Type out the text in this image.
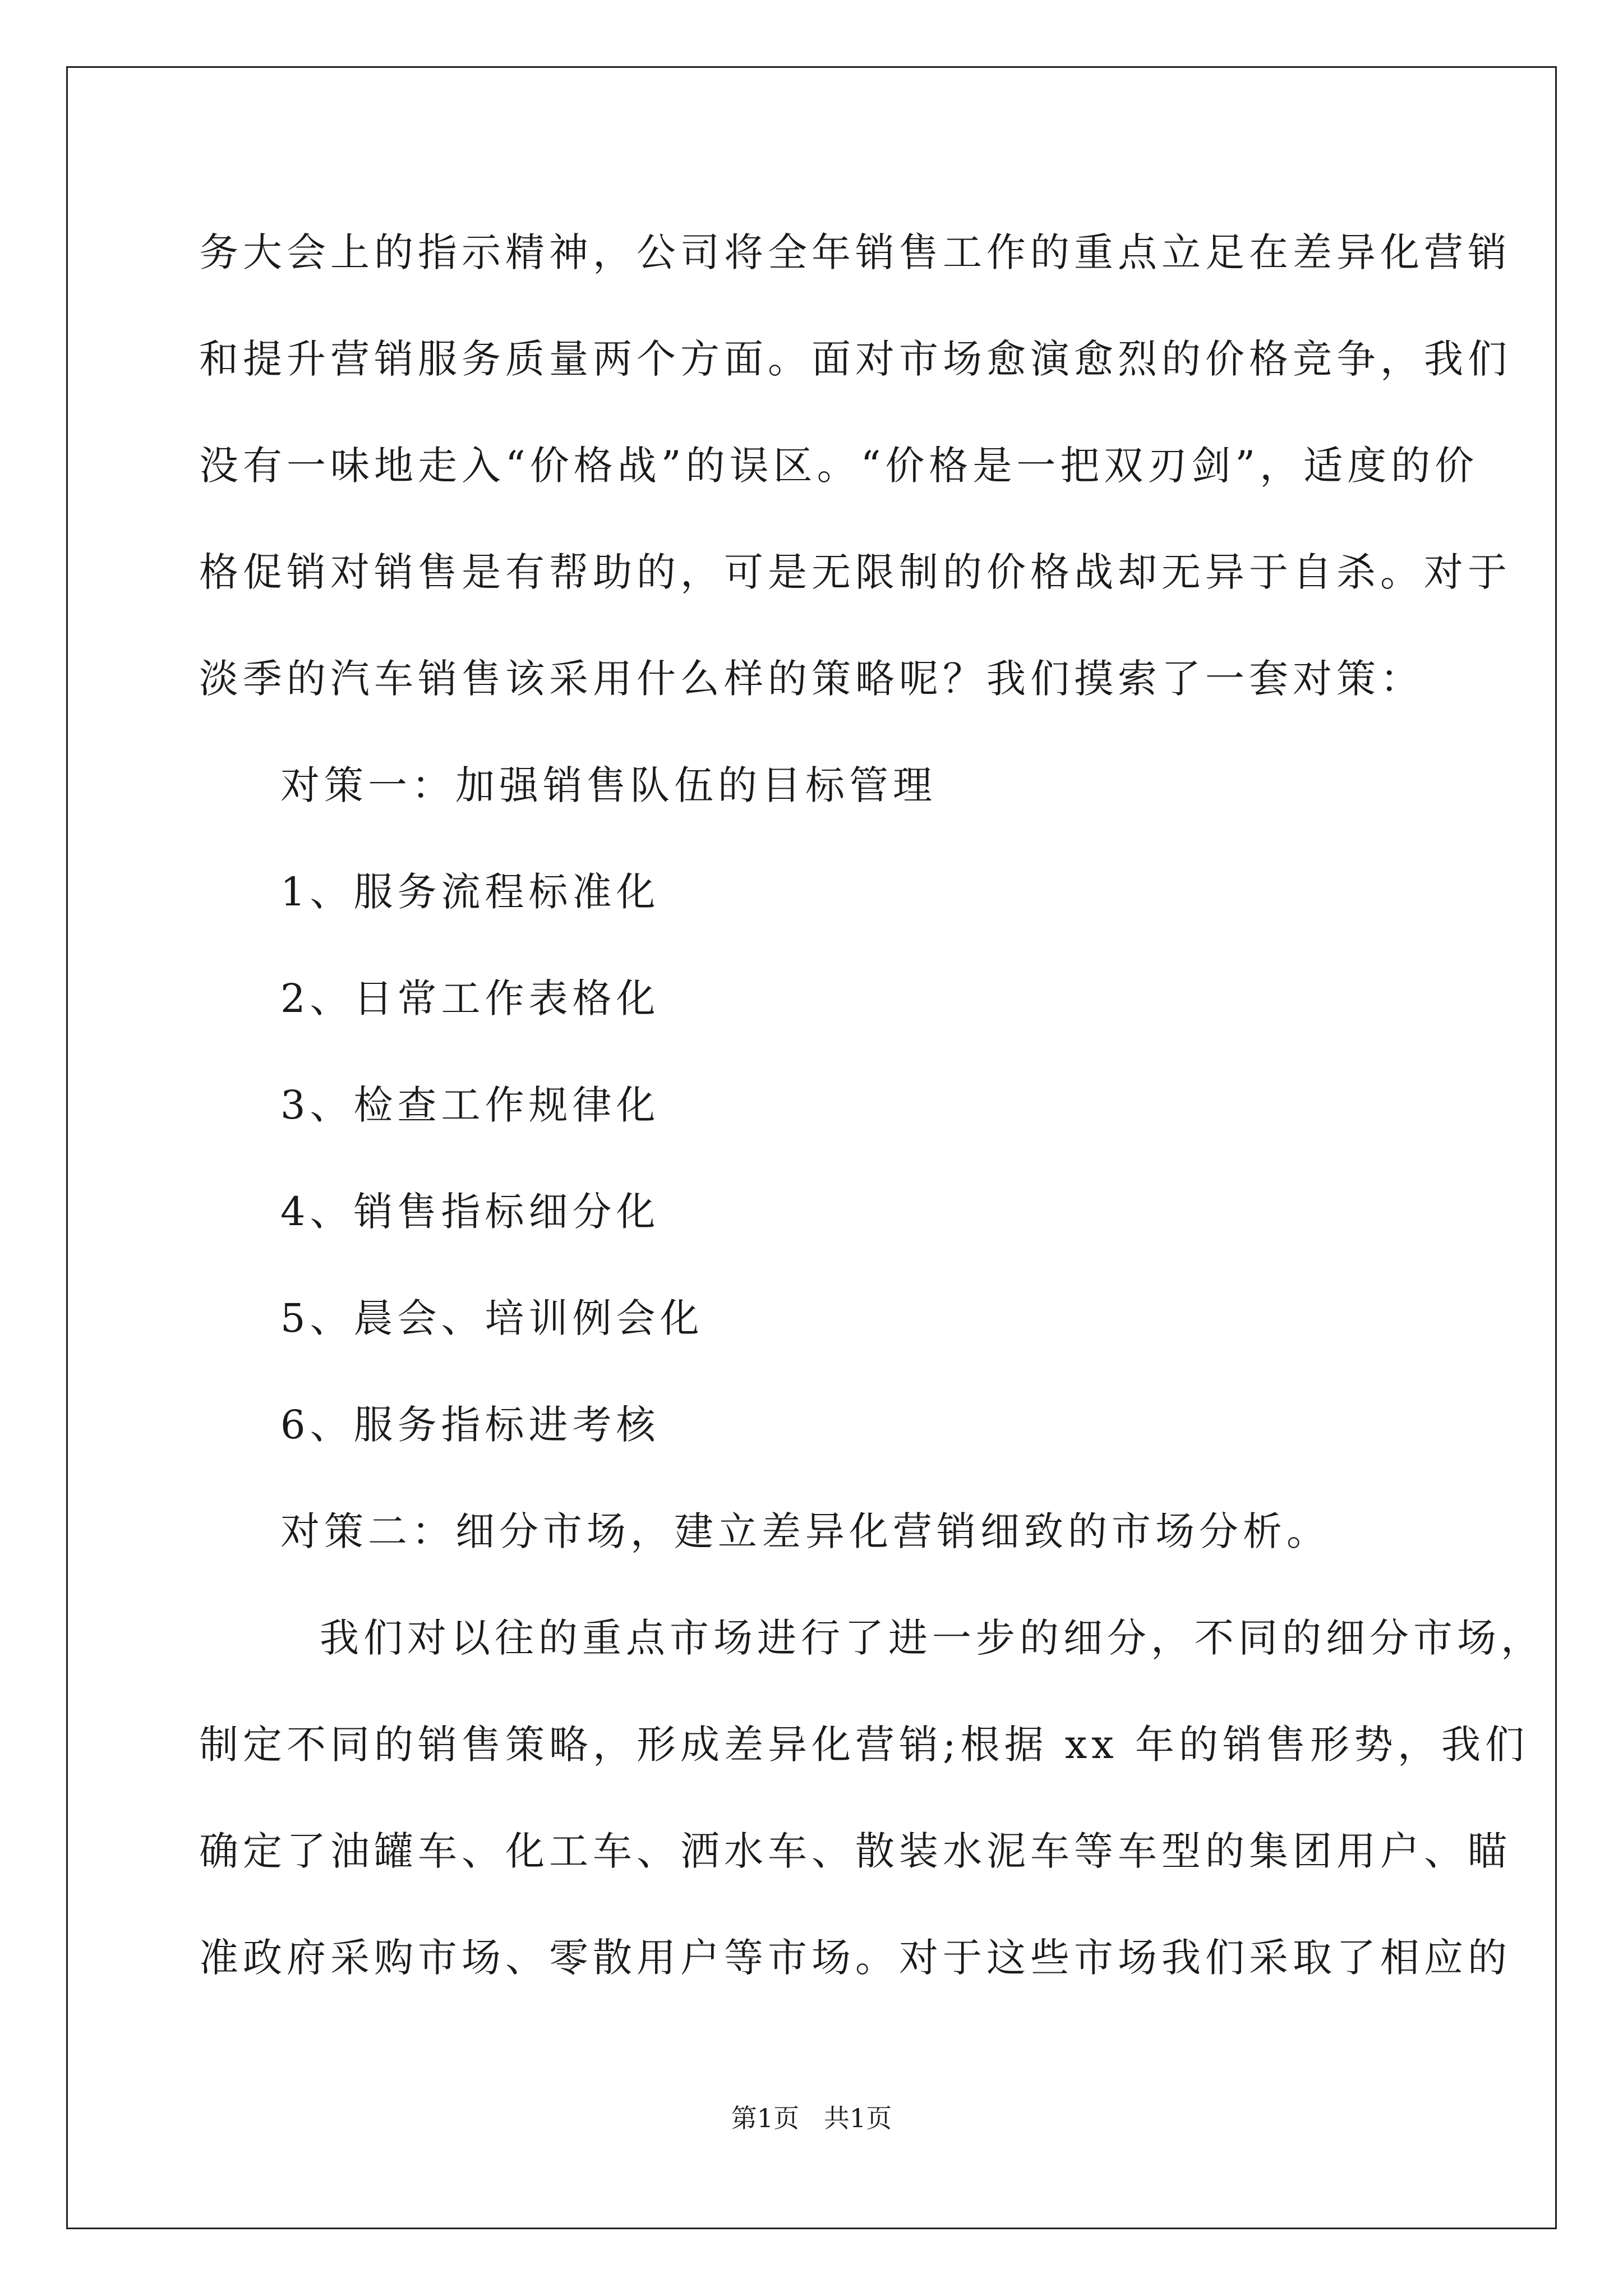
务大会上的指示精神，公司将全年销售工作的重点立足在差异化营销
和提升营销服务质量两个方面。面对市场愈演愈烈的价格竞争，我们
没有一味地走入“价格战”的误区。“价格是一把双刃剑”，适度的价
格促销对销售是有帮助的，可是无限制的价格战却无异于自杀。对于
淡季的汽车销售该采用什么样的策略呢？我们摸索了一套对策：
对策一：加强销售队伍的目标管理
1、服务流程标准化
2、日常工作表格化
3、检查工作规律化
4、销售指标细分化
5、晨会、培训例会化
6、服务指标进考核
对策二：细分市场，建立差异化营销细致的市场分析。
我们对以往的重点市场进行了进一步的细分，不同的细分市场，
制定不同的销售策略，形成差异化营销;根据 xx 年的销售形势，我们
确定了油罐车、化工车、洒水车、散装水泥车等车型的集团用户、瞄
准政府采购市场、零散用户等市场。对于这些市场我们采取了相应的
第1页   共1页
